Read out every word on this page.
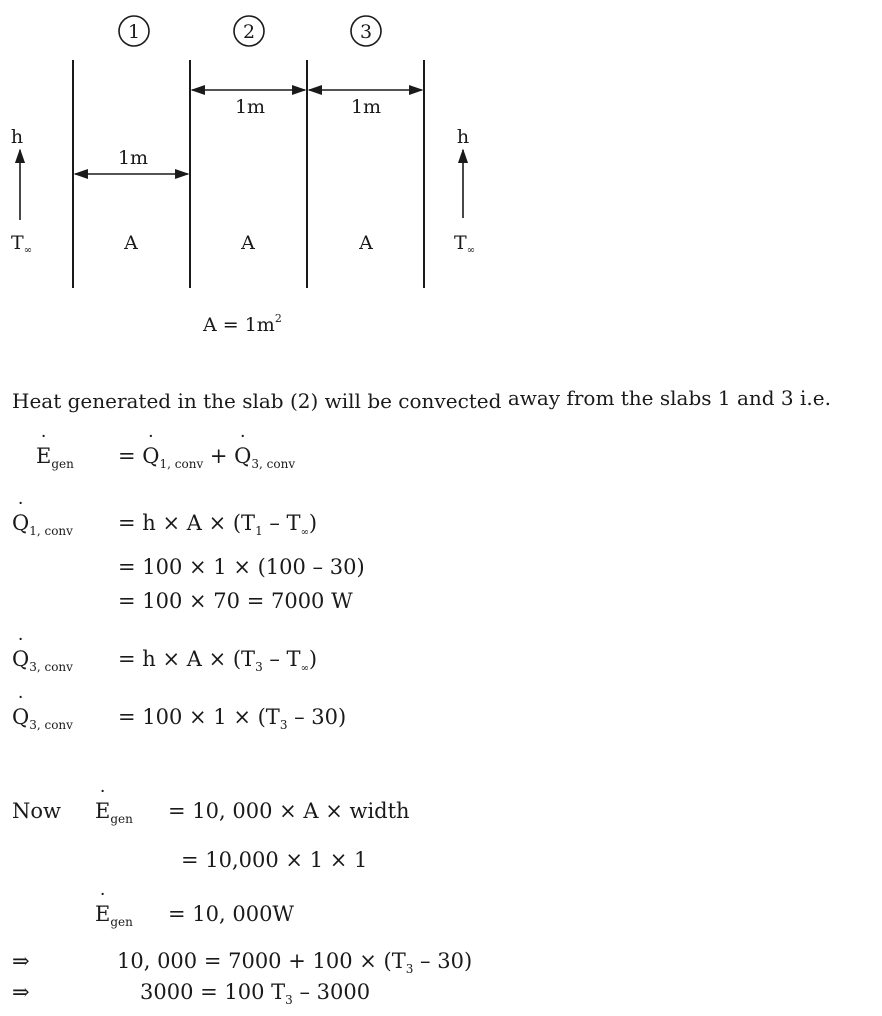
1	2	3
1m
1m	1m
A	A	A
h
$T_\infty$
h
$T_\infty$
$A = 1m^2$
Heat generated in the slab (2) will be convected away from the slabs 1 and 3 i.e.
˙ $E_{gen}$ = ˙ $Q_{1, conv}$ + ˙ $Q_{3, conv}$
˙ $Q_{1, conv} = h \times A \times (T_1 - T_\infty)$
= 100 × 1 × (100 – 30)
= 100 × 70 = 7000 W
˙ $Q_{3, conv} = h \times A \times (T_3 - T_\infty)$
˙ $Q_{3, conv} = 100 \times 1 \times (T_3 - 30)$
Now
˙ $E_{gen} = 10$, 000 × A × width
= 10,000 × 1 × 1
˙ $E_{gen} = 10$, 000W
⇒	10, $000 = 7000 + 100 \times (T_3 - 30)$
⇒	3000 = 100 $T_3 - 3000$
